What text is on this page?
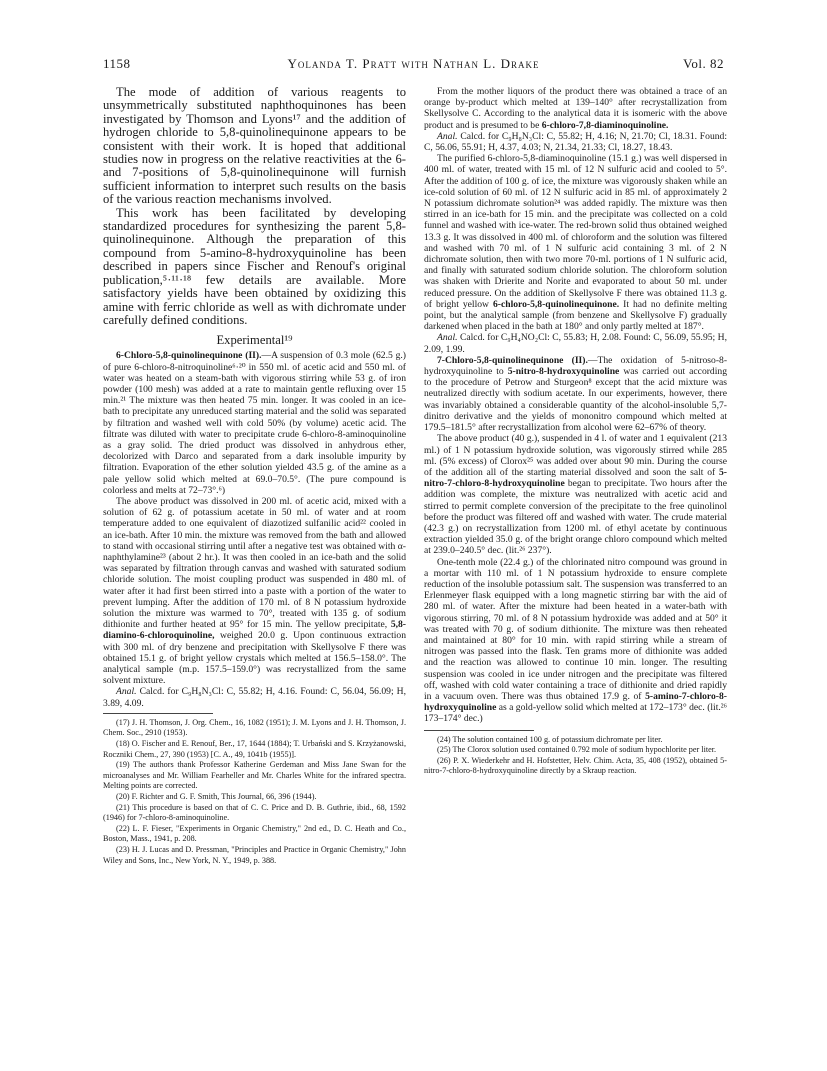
1158	Yolanda T. Pratt with Nathan L. Drake	Vol. 82

The mode of addition of various reagents to unsymmetrically substituted naphthoquinones has been investigated by Thomson and Lyons¹⁷ and the addition of hydrogen chloride to 5,8-quinolinequinone appears to be consistent with their work. It is hoped that additional studies now in progress on the relative reactivities at the 6- and 7-positions of 5,8-quinolinequinone will furnish sufficient information to interpret such results on the basis of the various reaction mechanisms involved.

This work has been facilitated by developing standardized procedures for synthesizing the parent 5,8-quinolinequinone. Although the preparation of this compound from 5-amino-8-hydroxyquinoline has been described in papers since Fischer and Renouf's original publication,⁵·¹¹·¹⁸ few details are available. More satisfactory yields have been obtained by oxidizing this amine with ferric chloride as well as with dichromate under carefully defined conditions.

Experimental¹⁹

6-Chloro-5,8-quinolinequinone (II).—A suspension of 0.3 mole (62.5 g.) of pure 6-chloro-8-nitroquinoline⁶·²⁰ in 550 ml. of acetic acid and 550 ml. of water was heated on a steam-bath with vigorous stirring while 53 g. of iron powder (100 mesh) was added at a rate to maintain gentle refluxing over 15 min.²¹ The mixture was then heated 75 min. longer. It was cooled in an ice-bath to precipitate any unreduced starting material and the solid was separated by filtration and washed well with cold 50% (by volume) acetic acid. The filtrate was diluted with water to precipitate crude 6-chloro-8-aminoquinoline as a gray solid. The dried product was dissolved in anhydrous ether, decolorized with Darco and separated from a dark insoluble impurity by filtration. Evaporation of the ether solution yielded 43.5 g. of the amine as a pale yellow solid which melted at 69.0–70.5°. (The pure compound is colorless and melts at 72–73°.⁶)

The above product was dissolved in 200 ml. of acetic acid, mixed with a solution of 62 g. of potassium acetate in 50 ml. of water and at room temperature added to one equivalent of diazotized sulfanilic acid²² cooled in an ice-bath. After 10 min. the mixture was removed from the bath and allowed to stand with occasional stirring until after a negative test was obtained with α-naphthylamine²³ (about 2 hr.). It was then cooled in an ice-bath and the solid was separated by filtration through canvas and washed with saturated sodium chloride solution. The moist coupling product was suspended in 480 ml. of water after it had first been stirred into a paste with a portion of the water to prevent lumping. After the addition of 170 ml. of 8 N potassium hydroxide solution the mixture was warmed to 70°, treated with 135 g. of sodium dithionite and further heated at 95° for 15 min. The yellow precipitate, 5,8-diamino-6-chloroquinoline, weighed 20.0 g. Upon continuous extraction with 300 ml. of dry benzene and precipitation with Skellysolve F there was obtained 15.1 g. of bright yellow crystals which melted at 156.5–158.0°. The analytical sample (m.p. 157.5–159.0°) was recrystallized from the same solvent mixture.

Anal. Calcd. for C₉H₈N₃Cl: C, 55.82; H, 4.16. Found: C, 56.04, 56.09; H, 3.89, 4.09.

(17) J. H. Thomson, J. Org. Chem., 16, 1082 (1951); J. M. Lyons and J. H. Thomson, J. Chem. Soc., 2910 (1953).

(18) O. Fischer and E. Renouf, Ber., 17, 1644 (1884); T. Urbański and S. Krzyżanowski, Roczniki Chem., 27, 390 (1953) [C. A., 49, 1041b (1955)].

(19) The authors thank Professor Katherine Gerdeman and Miss Jane Swan for the microanalyses and Mr. William Fearheller and Mr. Charles White for the infrared spectra. Melting points are corrected.

(20) F. Richter and G. F. Smith, This Journal, 66, 396 (1944).

(21) This procedure is based on that of C. C. Price and D. B. Guthrie, ibid., 68, 1592 (1946) for 7-chloro-8-aminoquinoline.

(22) L. F. Fieser, "Experiments in Organic Chemistry," 2nd ed., D. C. Heath and Co., Boston, Mass., 1941, p. 208.

(23) H. J. Lucas and D. Pressman, "Principles and Practice in Organic Chemistry," John Wiley and Sons, Inc., New York, N. Y., 1949, p. 388.

From the mother liquors of the product there was obtained a trace of an orange by-product which melted at 139–140° after recrystallization from Skellysolve C. According to the analytical data it is isomeric with the above product and is presumed to be 6-chloro-7,8-diaminoquinoline.

Anal. Calcd. for C₉H₈N₃Cl: C, 55.82; H, 4.16; N, 21.70; Cl, 18.31. Found: C, 56.06, 55.91; H, 4.37, 4.03; N, 21.34, 21.33; Cl, 18.27, 18.43.

The purified 6-chloro-5,8-diaminoquinoline (15.1 g.) was well dispersed in 400 ml. of water, treated with 15 ml. of 12 N sulfuric acid and cooled to 5°. After the addition of 100 g. of ice, the mixture was vigorously shaken while an ice-cold solution of 60 ml. of 12 N sulfuric acid in 85 ml. of approximately 2 N potassium dichromate solution²⁴ was added rapidly. The mixture was then stirred in an ice-bath for 15 min. and the precipitate was collected on a cold funnel and washed with ice-water. The red-brown solid thus obtained weighed 13.3 g. It was dissolved in 400 ml. of chloroform and the solution was filtered and washed with 70 ml. of 1 N sulfuric acid containing 3 ml. of 2 N dichromate solution, then with two more 70-ml. portions of 1 N sulfuric acid, and finally with saturated sodium chloride solution. The chloroform solution was shaken with Drierite and Norite and evaporated to about 50 ml. under reduced pressure. On the addition of Skellysolve F there was obtained 11.3 g. of bright yellow 6-chloro-5,8-quinolinequinone. It had no definite melting point, but the analytical sample (from benzene and Skellysolve F) gradually darkened when placed in the bath at 180° and only partly melted at 187°.

Anal. Calcd. for C₉H₄NO₂Cl: C, 55.83; H, 2.08. Found: C, 56.09, 55.95; H, 2.09, 1.99.

7-Chloro-5,8-quinolinequinone (II).—The oxidation of 5-nitroso-8-hydroxyquinoline to 5-nitro-8-hydroxyquinoline was carried out according to the procedure of Petrow and Sturgeon⁸ except that the acid mixture was neutralized directly with sodium acetate. In our experiments, however, there was invariably obtained a considerable quantity of the alcohol-insoluble 5,7-dinitro derivative and the yields of mononitro compound which melted at 179.5–181.5° after recrystallization from alcohol were 62–67% of theory.

The above product (40 g.), suspended in 4 l. of water and 1 equivalent (213 ml.) of 1 N potassium hydroxide solution, was vigorously stirred while 285 ml. (5% excess) of Clorox²⁵ was added over about 90 min. During the course of the addition all of the starting material dissolved and soon the salt of 5-nitro-7-chloro-8-hydroxyquinoline began to precipitate. Two hours after the addition was complete, the mixture was neutralized with acetic acid and stirred to permit complete conversion of the precipitate to the free quinolinol before the product was filtered off and washed with water. The crude material (42.3 g.) on recrystallization from 1200 ml. of ethyl acetate by continuous extraction yielded 35.0 g. of the bright orange chloro compound which melted at 239.0–240.5° dec. (lit.²⁶ 237°).

One-tenth mole (22.4 g.) of the chlorinated nitro compound was ground in a mortar with 110 ml. of 1 N potassium hydroxide to ensure complete reduction of the insoluble potassium salt. The suspension was transferred to an Erlenmeyer flask equipped with a long magnetic stirring bar with the aid of 280 ml. of water. After the mixture had been heated in a water-bath with vigorous stirring, 70 ml. of 8 N potassium hydroxide was added and at 50° it was treated with 70 g. of sodium dithionite. The mixture was then reheated and maintained at 80° for 10 min. with rapid stirring while a stream of nitrogen was passed into the flask. Ten grams more of dithionite was added and the reaction was allowed to continue 10 min. longer. The resulting suspension was cooled in ice under nitrogen and the precipitate was filtered off, washed with cold water containing a trace of dithionite and dried rapidly in a vacuum oven. There was thus obtained 17.9 g. of 5-amino-7-chloro-8-hydroxyquinoline as a gold-yellow solid which melted at 172–173° dec. (lit.²⁶ 173–174° dec.)

(24) The solution contained 100 g. of potassium dichromate per liter.

(25) The Clorox solution used contained 0.792 mole of sodium hypochlorite per liter.

(26) P. X. Wiederkehr and H. Hofstetter, Helv. Chim. Acta, 35, 408 (1952), obtained 5-nitro-7-chloro-8-hydroxyquinoline directly by a Skraup reaction.
